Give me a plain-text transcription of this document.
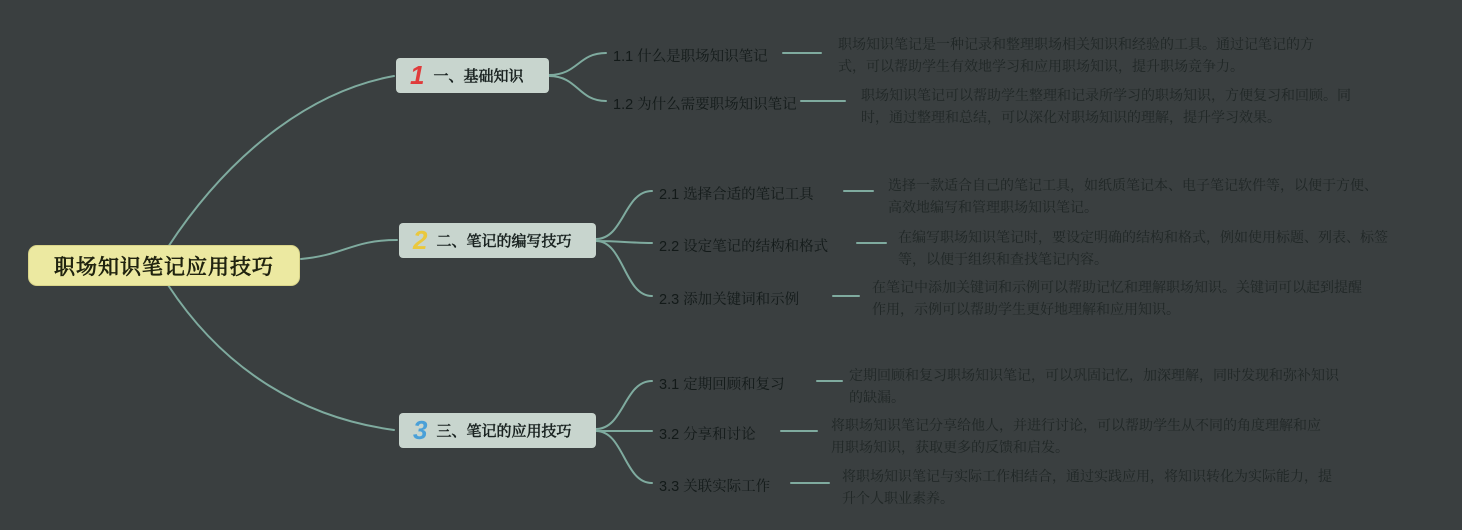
职场知识笔记应用技巧
1 一、基础知识
2 二、笔记的编写技巧
3 三、笔记的应用技巧
1.1 什么是职场知识笔记
1.2 为什么需要职场知识笔记
2.1 选择合适的笔记工具
2.2 设定笔记的结构和格式
2.3 添加关键词和示例
3.1 定期回顾和复习
3.2 分享和讨论
3.3 关联实际工作
职场知识笔记是一种记录和整理职场相关知识和经验的工具。通过记笔记的方式，可以帮助学生有效地学习和应用职场知识，提升职场竞争力。
职场知识笔记可以帮助学生整理和记录所学习的职场知识，方便复习和回顾。同时，通过整理和总结，可以深化对职场知识的理解，提升学习效果。
选择一款适合自己的笔记工具，如纸质笔记本、电子笔记软件等，以便于方便、高效地编写和管理职场知识笔记。
在编写职场知识笔记时，要设定明确的结构和格式，例如使用标题、列表、标签等，以便于组织和查找笔记内容。
在笔记中添加关键词和示例可以帮助记忆和理解职场知识。关键词可以起到提醒作用，示例可以帮助学生更好地理解和应用知识。
定期回顾和复习职场知识笔记，可以巩固记忆，加深理解，同时发现和弥补知识的缺漏。
将职场知识笔记分享给他人，并进行讨论，可以帮助学生从不同的角度理解和应用职场知识，获取更多的反馈和启发。
将职场知识笔记与实际工作相结合，通过实践应用，将知识转化为实际能力，提升个人职业素养。
